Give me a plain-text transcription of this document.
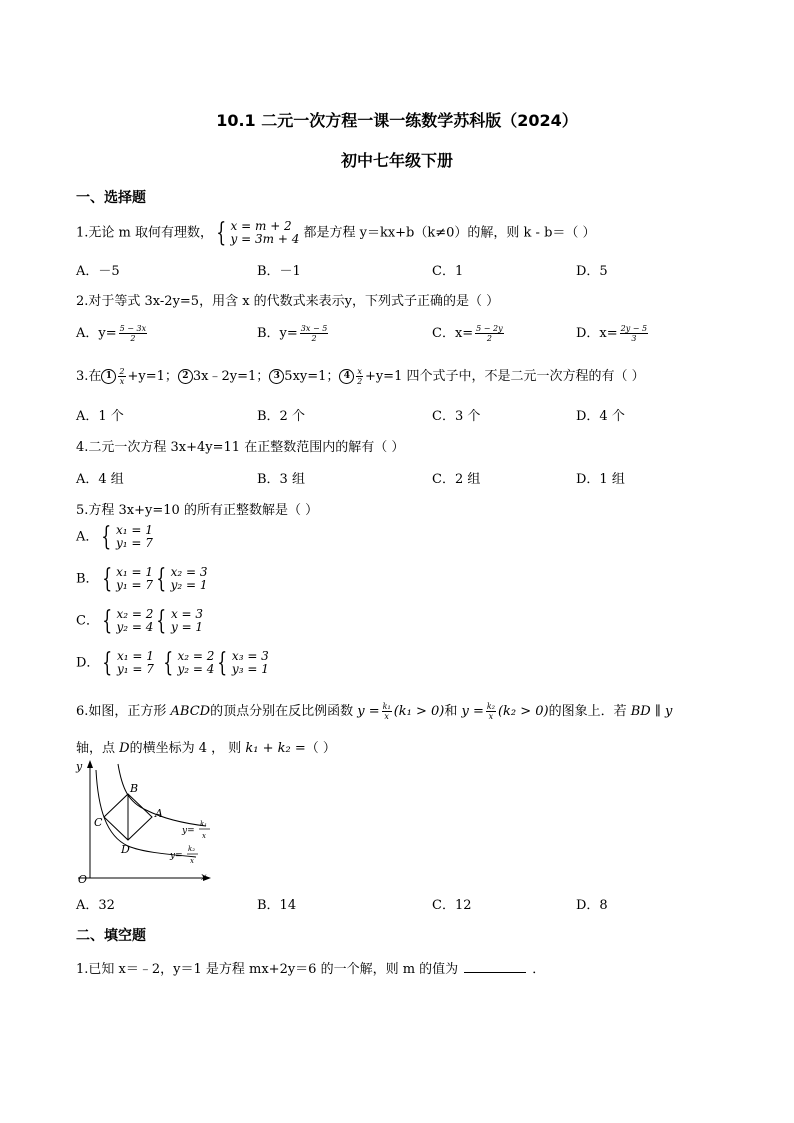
10.1 二元一次方程一课一练数学苏科版（2024）
初中七年级下册
一、选择题
1.无论 m 取何有理数， { x = m + 2
y = 3m + 4 都是方程 y＝kx+b（k≠0）的解，则 k - b＝（ ）
A．－5	B．－1	C．1	D．5
2.对于等式 3x-2y=5，用含 x 的代数式来表示y，下列式子正确的是（ ）
A．$y= \frac{5 - 3x}{2}$	B．$y= \frac{3x - 5}{2}$	C．$x= \frac{5 - 2y}{2}$	D．$x= \frac{2y - 5}{3}$
3.在 $1 \frac{2}{x} +y=1$； 2 3x﹣2y=1； 3 5xy=1； $4 \frac{x}{2} +y=1$ 四个式子中，不是二元一次方程的有（ ）
A．1 个	B．2 个	C．3 个	D．4 个
4.二元一次方程 3x+4y=11 在正整数范围内的解有（ ）
A．4 组	B．3 组	C．2 组	D．1 组
5.方程 3x+y=10 的所有正整数解是（ ）
A． { x₁ = 1
y₁ = 7
B． { x₁ = 1
y₁ = 7 { x₂ = 3
y₂ = 1
C． { x₂ = 2
y₂ = 4 { x = 3
y = 1
D． { x₁ = 1
y₁ = 7 { x₂ = 2
y₂ = 4 { x₃ = 3
y₃ = 1
6.如图，正方形 ABCD的顶点分别在反比例函数 $y = \frac{\text{k₁}}{x} (k_1 > 0)$和 $y = \frac{\text{k₂}}{x} (k_2 > 0)$的图象上．若 BD ∥ y
轴，点 D的横坐标为 4 ， 则 k₁ + k₂ =（ ）
y
x
O
B
A
C
D
y=
k₁
x
y=
k₂
x
A．32	B．14	C．12	D．8
二、填空题
1.已知 x＝﹣2，y＝1 是方程 mx+2y＝6 的一个解，则 m 的值为	．
